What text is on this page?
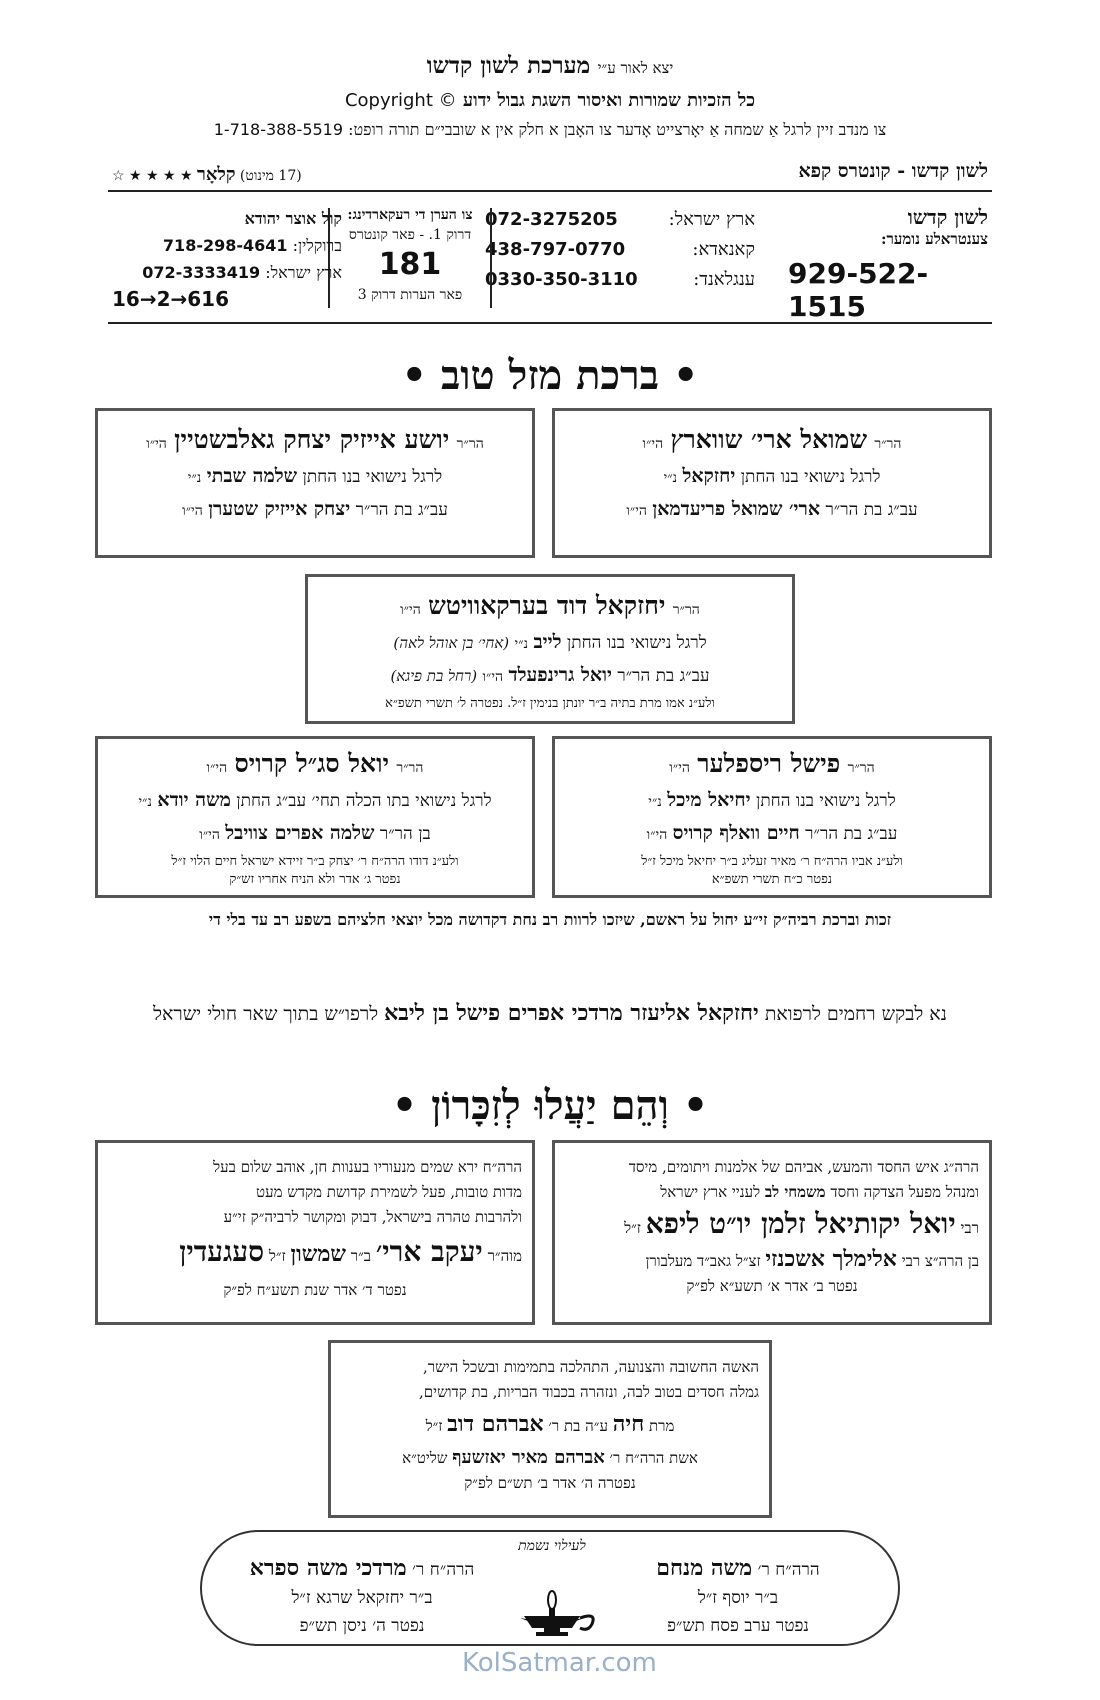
יצא לאור ע״י מערכת לשון קדשו
כל הזכיות שמורות ואיסור השגת גבול ידוע Copyright ©
צו מנדב זיין לרגל אַ שמחה אַ יאָרצייט אָדער צו האָבן א חלק אין א שובבי״ם תורה רופט: 1-718-388-5519
לשון קדשו - קונטרס קפא
(17 מינוט) קלאָר ★ ★ ★ ★ ☆
לשון קדשו
צענטראלע נומער:
929-522-1515
ארץ ישראל:
072-3275205
קאנאדא:
438-797-0770
ענגלאנד:
0330-350-3110
צו הערן די רעקארדינג:
דרוק 1. - פאר קונטרס
181
פאר הערות דרוק 3
קול אוצר יהודא
ברוקלין: 718-298-4641
ארץ ישראל: 072-3333419
16→2→616
• ברכת מזל טוב •
הר״ר שמואל ארי׳ שווארץ הי״ו
לרגל נישואי בנו החתן יחזקאל נ״י
עב״ג בת הר״ר ארי׳ שמואל פריעדמאן הי״ו
הר״ר יושע אייזיק יצחק גאלבשטיין הי״ו
לרגל נישואי בנו החתן שלמה שבתי נ״י
עב״ג בת הר״ר יצחק אייזיק שטערן הי״ו
הר״ר יחזקאל דוד בערקאוויטש הי״ו
לרגל נישואי בנו החתן לייב נ״י (אחי׳ בן אוהל לאה)
עב״ג בת הר״ר יואל גרינפעלד הי״ו (רחל בת פיגא)
ולע״נ אמו מרת בתיה ב״ר יונתן בנימין ז״ל. נפטרה ל׳ תשרי תשפ״א
הר״ר פישל ריספלער הי״ו
לרגל נישואי בנו החתן יחיאל מיכל נ״י
עב״ג בת הר״ר חיים וואלף קרויס הי״ו
ולע״נ אביו הרה״ח ר׳ מאיר זעליג ב״ר יחיאל מיכל ז״ל
נפטר כ״ח תשרי תשפ״א
הר״ר יואל סג״ל קרויס הי״ו
לרגל נישואי בתו הכלה תחי׳ עב״ג החתן משה יודא נ״י
בן הר״ר שלמה אפרים צוויבל הי״ו
ולע״נ דודו הרה״ח ר׳ יצחק ב״ר זיידא ישראל חיים הלוי ז״ל
נפטר ג׳ אדר ולא הניח אחריו זש״ק
זכות וברכת רביה״ק זי״ע יחול על ראשם, שיזכו לרוות רב נחת דקדושה מכל יוצאי חלציהם בשפע רב עד בלי די
נא לבקש רחמים לרפואת יחזקאל אליעזר מרדכי אפרים פישל בן ליבא לרפו״ש בתוך שאר חולי ישראל
• וְהֵם יַעֲלוּ לְזִכָּרוֹן •
הרה״ג איש החסד והמעש, אביהם של אלמנות ויתומים, מיסד
ומנהל מפעל הצדקה וחסד משמחי לב לעניי ארץ ישראל
רבי יואל יקותיאל זלמן יו״ט ליפא ז״ל
בן הרה״צ רבי אלימלך אשכנזי זצ״ל גאב״ד מעלבורן
נפטר ב׳ אדר א׳ תשע״א לפ״ק
הרה״ח ירא שמים מנעוריו בענוות חן, אוהב שלום בעל
מדות טובות, פעל לשמירת קדושת מקדש מעט
ולהרבות טהרה בישראל, דבוק ומקושר לרביה״ק זי״ע
מוה״ר יעקב ארי׳ ב״ר שמשון ז״ל סעגעדין
נפטר ד׳ אדר שנת תשע״ח לפ״ק
האשה החשובה והצנועה, התהלכה בתמימות ובשכל הישר,
גמלה חסדים בטוב לבה, ונזהרה בכבוד הבריות, בת קדושים,
מרת חיה ע״ה בת ר׳ אברהם דוב ז״ל
אשת הרה״ח ר׳ אברהם מאיר יאזשעף שליט״א
נפטרה ה׳ אדר ב׳ תש״ם לפ״ק
הרה״ח ר׳ משה מנחם
ב״ר יוסף ז״ל
נפטר ערב פסח תש״פ
לעילוי נשמת
הרה״ח ר׳ מרדכי משה ספרא
ב״ר יחזקאל שרגא ז״ל
נפטר ה׳ ניסן תש״פ
KolSatmar.com
